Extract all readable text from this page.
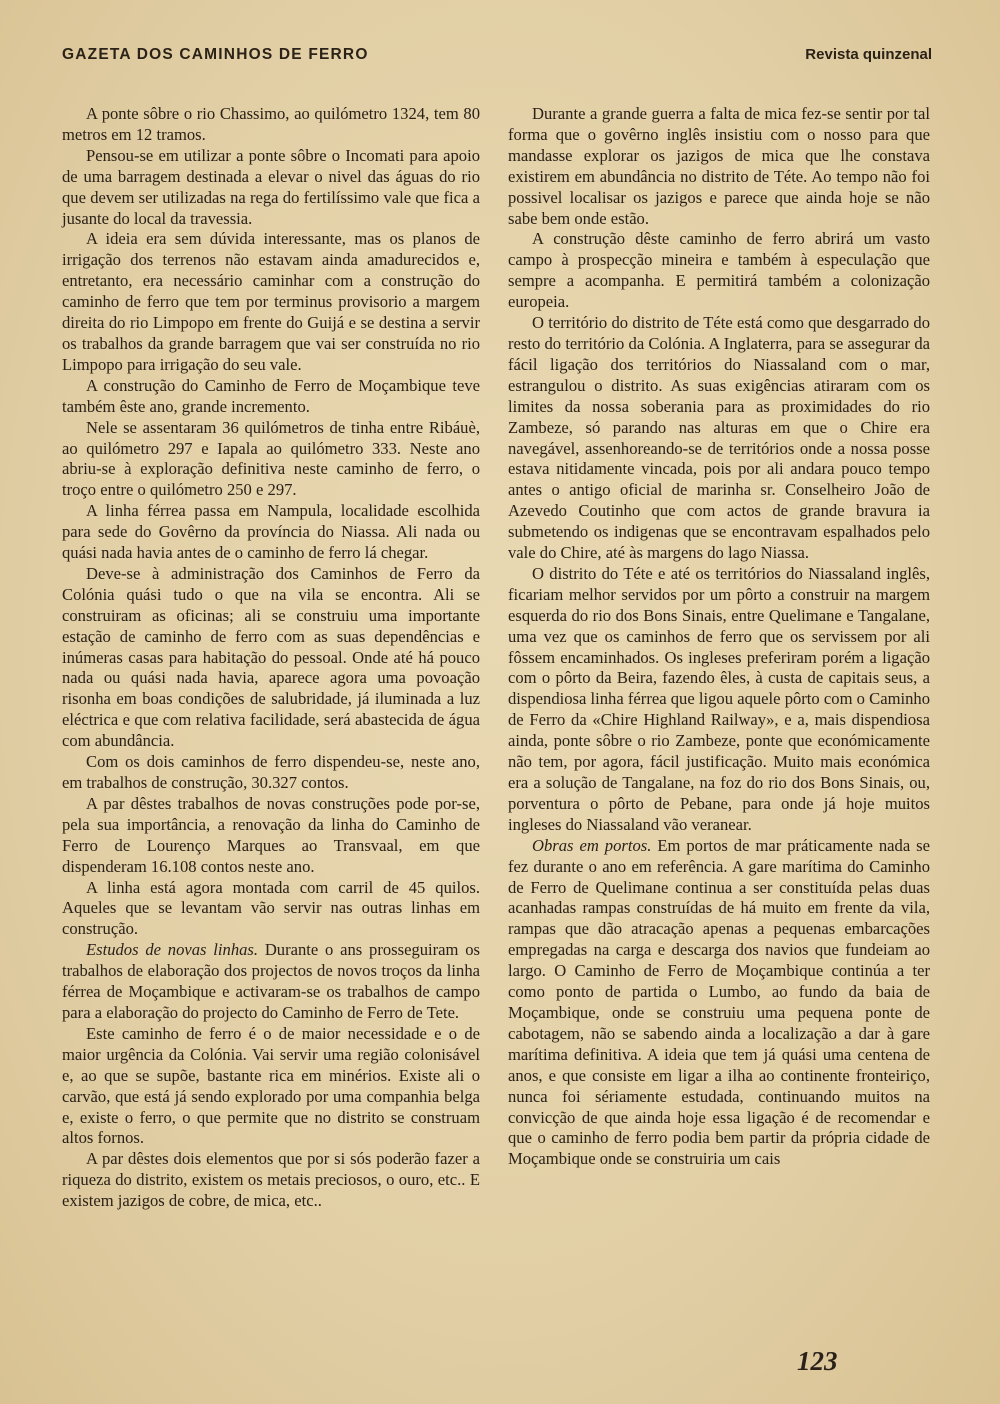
GAZETA DOS CAMINHOS DE FERRO	Revista quinzenal

A ponte sôbre o rio Chassimo, ao quilómetro 1324, tem 80 metros em 12 tramos.

Pensou-se em utilizar a ponte sôbre o Incomati para apoio de uma barragem destinada a elevar o nivel das águas do rio que devem ser utilizadas na rega do fertilíssimo vale que fica a jusante do local da travessia.

A ideia era sem dúvida interessante, mas os planos de irrigação dos terrenos não estavam ainda amadurecidos e, entretanto, era necessário caminhar com a construção do caminho de ferro que tem por terminus provisorio a margem direita do rio Limpopo em frente do Guijá e se destina a servir os trabalhos da grande barragem que vai ser construída no rio Limpopo para irrigação do seu vale.

A construção do Caminho de Ferro de Moçambique teve também êste ano, grande incremento.

Nele se assentaram 36 quilómetros de tinha entre Ribáuè, ao quilómetro 297 e Iapala ao quilómetro 333. Neste ano abriu-se à exploração definitiva neste caminho de ferro, o troço entre o quilómetro 250 e 297.

A linha férrea passa em Nampula, localidade escolhida para sede do Govêrno da província do Niassa. Ali nada ou quási nada havia antes de o caminho de ferro lá chegar.

Deve-se à administração dos Caminhos de Ferro da Colónia quási tudo o que na vila se encontra. Ali se construiram as oficinas; ali se construiu uma importante estação de caminho de ferro com as suas dependências e inúmeras casas para habitação do pessoal. Onde até há pouco nada ou quási nada havia, aparece agora uma povoação risonha em boas condições de salubridade, já iluminada a luz eléctrica e que com relativa facilidade, será abastecida de água com abundância.

Com os dois caminhos de ferro dispendeu-se, neste ano, em trabalhos de construção, 30.327 contos.

A par dêstes trabalhos de novas construções pode por-se, pela sua importância, a renovação da linha do Caminho de Ferro de Lourenço Marques ao Transvaal, em que dispenderam 16.108 contos neste ano.

A linha está agora montada com carril de 45 quilos. Aqueles que se levantam vão servir nas outras linhas em construção.

Estudos de novas linhas. Durante o ans prosseguiram os trabalhos de elaboração dos projectos de novos troços da linha férrea de Moçambique e activaram-se os trabalhos de campo para a elaboração do projecto do Caminho de Ferro de Tete.

Este caminho de ferro é o de maior necessidade e o de maior urgência da Colónia. Vai servir uma região colonisável e, ao que se supõe, bastante rica em minérios. Existe ali o carvão, que está já sendo explorado por uma companhia belga e, existe o ferro, o que permite que no distrito se construam altos fornos.

A par dêstes dois elementos que por si sós poderão fazer a riqueza do distrito, existem os metais preciosos, o ouro, etc.. E existem jazigos de cobre, de mica, etc..

Durante a grande guerra a falta de mica fez-se sentir por tal forma que o govêrno inglês insistiu com o nosso para que mandasse explorar os jazigos de mica que lhe constava existirem em abundância no distrito de Téte. Ao tempo não foi possivel localisar os jazigos e parece que ainda hoje se não sabe bem onde estão.

A construção dêste caminho de ferro abrirá um vasto campo à prospecção mineira e também à especulação que sempre a acompanha. E permitirá também a colonização europeia.

O território do distrito de Téte está como que desgarrado do resto do território da Colónia. A Inglaterra, para se assegurar da fácil ligação dos territórios do Niassaland com o mar, estrangulou o distrito. As suas exigências atiraram com os limites da nossa soberania para as proximidades do rio Zambeze, só parando nas alturas em que o Chire era navegável, assenhoreando-se de territórios onde a nossa posse estava nitidamente vincada, pois por ali andara pouco tempo antes o antigo oficial de marinha sr. Conselheiro João de Azevedo Coutinho que com actos de grande bravura ia submetendo os indigenas que se encontravam espalhados pelo vale do Chire, até às margens do lago Niassa.

O distrito do Téte e até os territórios do Niassaland inglês, ficariam melhor servidos por um pôrto a construir na margem esquerda do rio dos Bons Sinais, entre Quelimane e Tangalane, uma vez que os caminhos de ferro que os servissem por ali fôssem encaminhados. Os ingleses preferiram porém a ligação com o pôrto da Beira, fazendo êles, à custa de capitais seus, a dispendiosa linha férrea que ligou aquele pôrto com o Caminho de Ferro da «Chire Highland Railway», e a, mais dispendiosa ainda, ponte sôbre o rio Zambeze, ponte que económicamente não tem, por agora, fácil justificação. Muito mais económica era a solução de Tangalane, na foz do rio dos Bons Sinais, ou, porventura o pôrto de Pebane, para onde já hoje muitos ingleses do Niassaland vão veranear.

Obras em portos. Em portos de mar práticamente nada se fez durante o ano em referência. A gare marítima do Caminho de Ferro de Quelimane continua a ser constituída pelas duas acanhadas rampas construídas de há muito em frente da vila, rampas que dão atracação apenas a pequenas embarcações empregadas na carga e descarga dos navios que fundeiam ao largo. O Caminho de Ferro de Moçambique continúa a ter como ponto de partida o Lumbo, ao fundo da baia de Moçambique, onde se construiu uma pequena ponte de cabotagem, não se sabendo ainda a localização a dar à gare marítima definitiva. A ideia que tem já quási uma centena de anos, e que consiste em ligar a ilha ao continente fronteiriço, nunca foi sériamente estudada, continuando muitos na convicção de que ainda hoje essa ligação é de recomendar e que o caminho de ferro podia bem partir da própria cidade de Moçambique onde se construiria um cais

123
